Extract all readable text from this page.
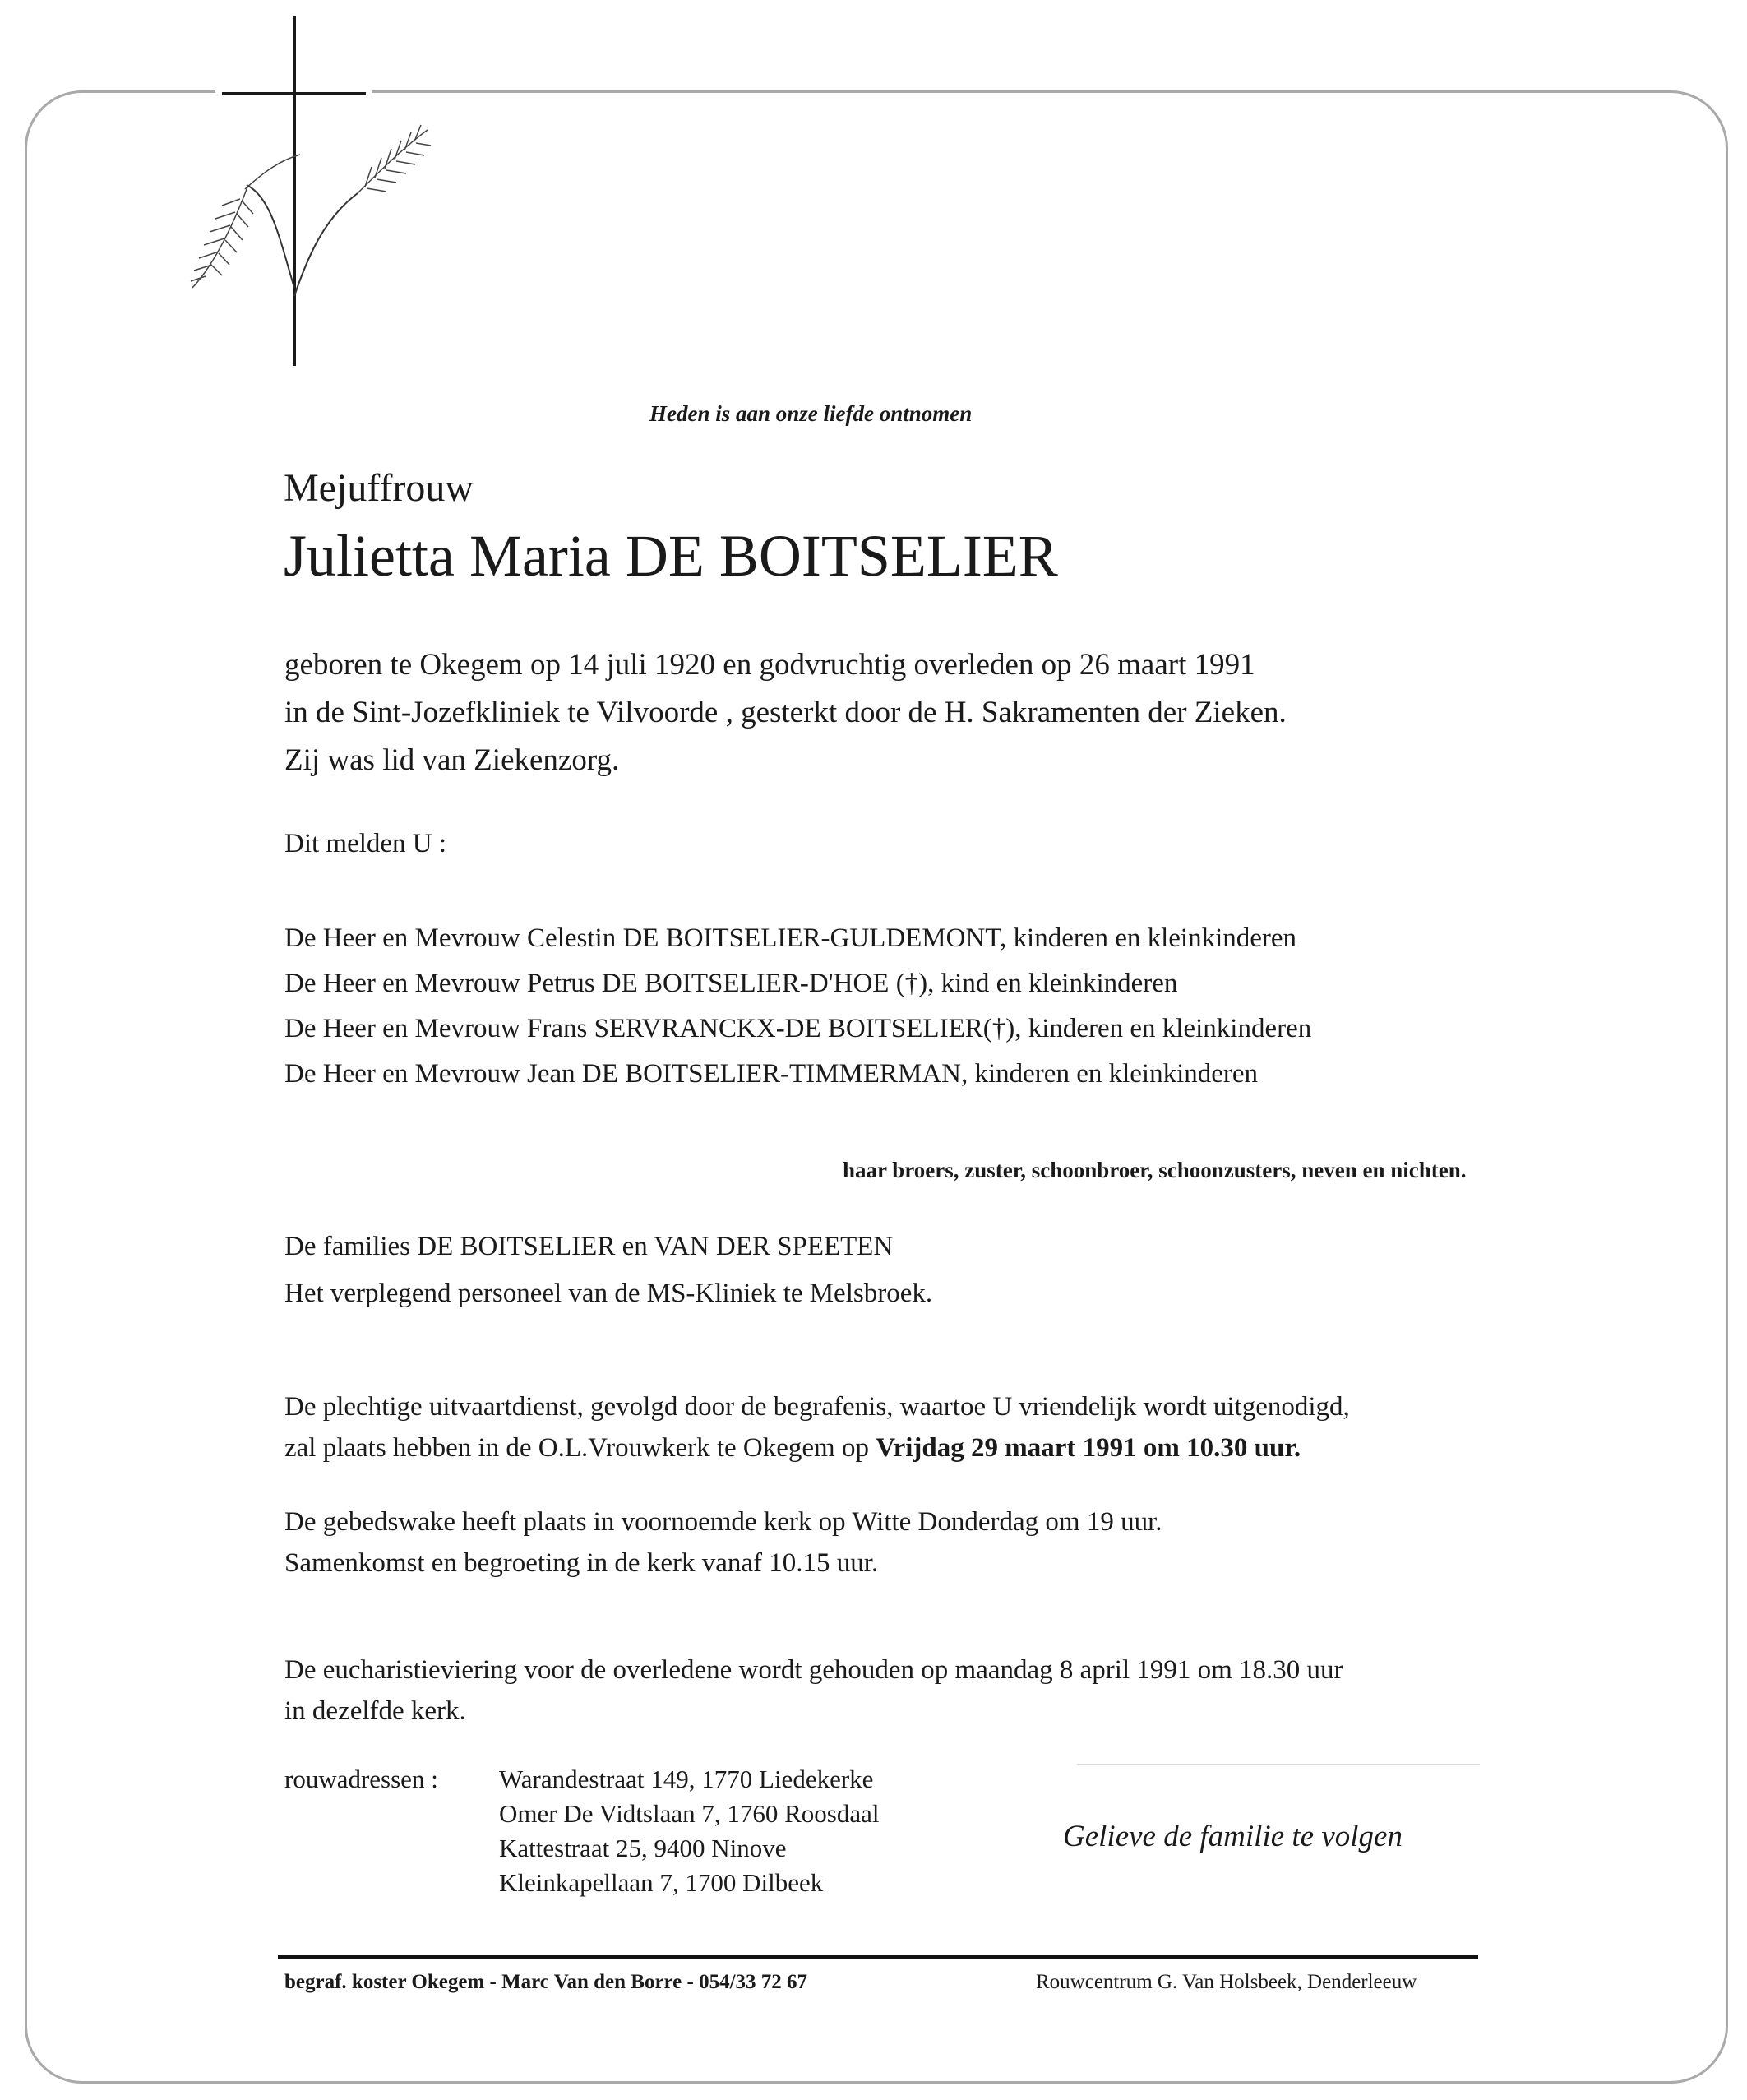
Heden is aan onze liefde ontnomen
Mejuffrouw
Julietta Maria DE BOITSELIER
geboren te Okegem op 14 juli 1920 en godvruchtig overleden op 26 maart 1991
in de Sint-Jozefkliniek te Vilvoorde , gesterkt door de H. Sakramenten der Zieken.
Zij was lid van Ziekenzorg.
Dit melden U :
De Heer en Mevrouw Celestin DE BOITSELIER-GULDEMONT, kinderen en kleinkinderen
De Heer en Mevrouw Petrus DE BOITSELIER-D'HOE (†), kind en kleinkinderen
De Heer en Mevrouw Frans SERVRANCKX-DE BOITSELIER(†), kinderen en kleinkinderen
De Heer en Mevrouw Jean DE BOITSELIER-TIMMERMAN, kinderen en kleinkinderen
haar broers, zuster, schoonbroer, schoonzusters, neven en nichten.
De families DE BOITSELIER en VAN DER SPEETEN
Het verplegend personeel van de MS-Kliniek te Melsbroek.
De plechtige uitvaartdienst, gevolgd door de begrafenis, waartoe U vriendelijk wordt uitgenodigd,
zal plaats hebben in de O.L.Vrouwkerk te Okegem op Vrijdag 29 maart 1991 om 10.30 uur.
De gebedswake heeft plaats in voornoemde kerk op Witte Donderdag om 19 uur.
Samenkomst en begroeting in de kerk vanaf 10.15 uur.
De eucharistieviering voor de overledene wordt gehouden op maandag 8 april 1991 om 18.30 uur
in dezelfde kerk.
rouwadressen : Warandestraat 149, 1770 Liedekerke
Omer De Vidtslaan 7, 1760 Roosdaal
Kattestraat 25, 9400 Ninove
Kleinkapellaan 7, 1700 Dilbeek
Gelieve de familie te volgen
begraf. koster Okegem - Marc Van den Borre - 054/33 72 67	Rouwcentrum G. Van Holsbeek, Denderleeuw
